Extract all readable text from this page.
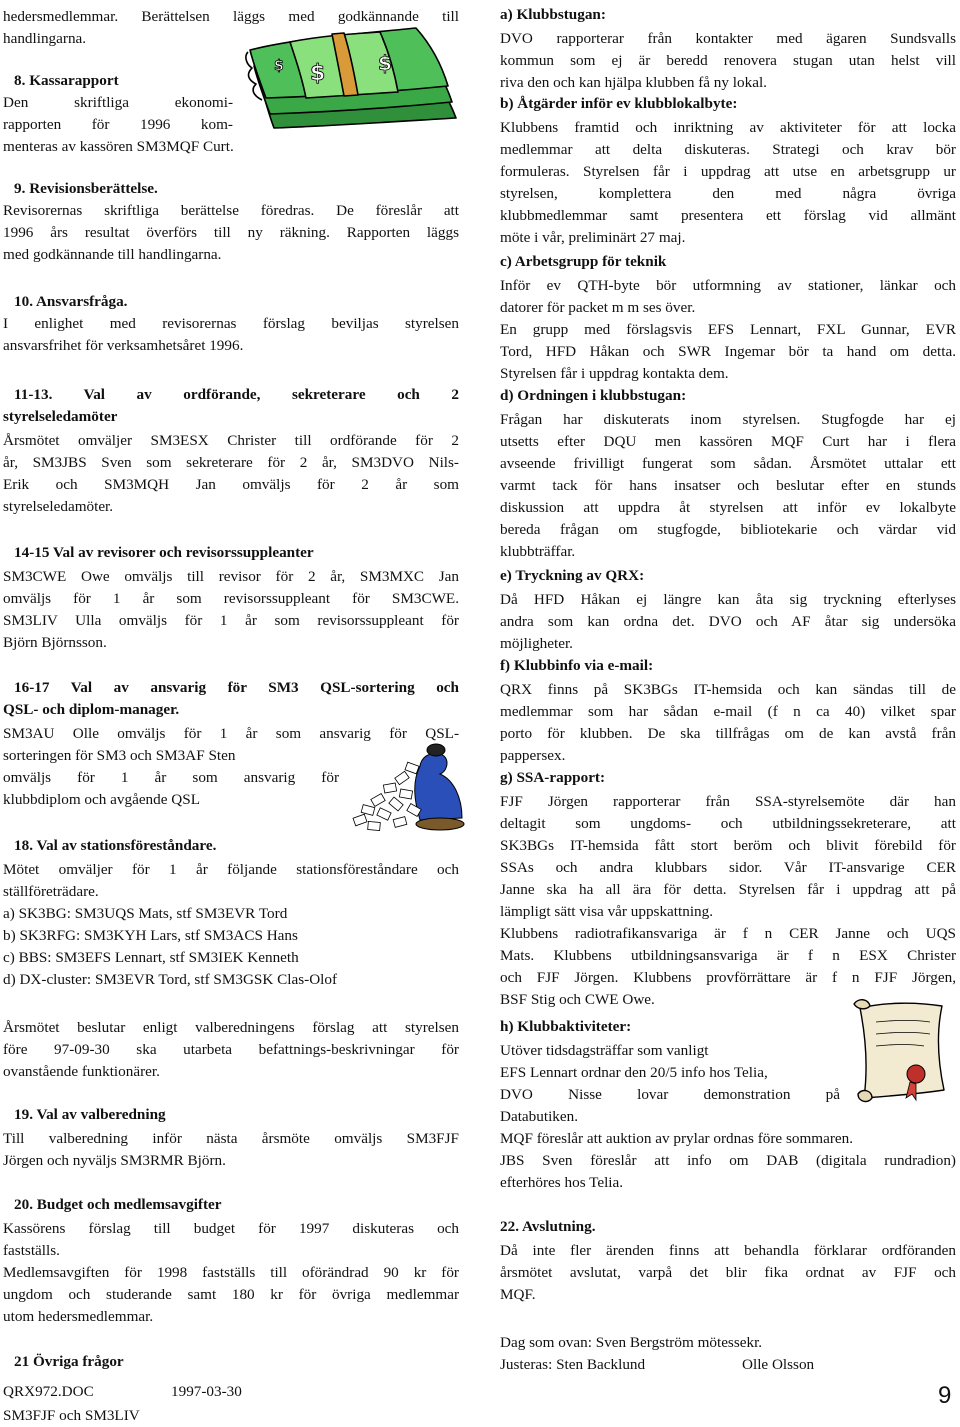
hedersmedlemmar. Berättelsen läggs med godkännande till
handlingarna.
8. Kassarapport
Den skriftliga ekonomi-
rapporten för 1996 kom-
menteras av kassören SM3MQF Curt.
9. Revisionsberättelse.
Revisorernas skriftliga berättelse föredras. De föreslår att
1996 års resultat överförs till ny räkning. Rapporten läggs
med godkännande till handlingarna.
10. Ansvarsfråga.
I enlighet med revisorernas förslag beviljas styrelsen
ansvarsfrihet för verksamhetsåret 1996.
11-13. Val av ordförande, sekreterare och 2
styrelseledamöter
Årsmötet omväljer SM3ESX Christer till ordförande för 2
år, SM3JBS Sven som sekreterare för 2 år, SM3DVO Nils-
Erik och SM3MQH Jan omväljs för 2 år som
styrelseledamöter.
14-15 Val av revisorer och revisorssuppleanter
SM3CWE Owe omväljs till revisor för 2 år, SM3MXC Jan
omväljs för 1 år som revisorssuppleant för SM3CWE.
SM3LIV Ulla omväljs för 1 år som revisorssuppleant för
Björn Björnsson.
16-17 Val av ansvarig för SM3 QSL-sortering och
QSL- och diplom-manager.
SM3AU Olle omväljs för 1 år som ansvarig för QSL-
sorteringen för SM3 och SM3AF Sten
omväljs för 1 år som ansvarig för
klubbdiplom och avgående QSL
18. Val av stationsföreståndare.
Mötet omväljer för 1 år följande stationsföreståndare och
ställföreträdare.
a) SK3BG: SM3UQS Mats, stf SM3EVR Tord
b) SK3RFG: SM3KYH Lars, stf SM3ACS Hans
c) BBS: SM3EFS Lennart, stf SM3IEK Kenneth
d) DX-cluster: SM3EVR Tord, stf SM3GSK Clas-Olof
Årsmötet beslutar enligt valberedningens förslag att styrelsen
före 97-09-30 ska utarbeta befattnings-beskrivningar för
ovanstående funktionärer.
19. Val av valberedning
Till valberedning inför nästa årsmöte omväljs SM3FJF
Jörgen och nyväljs SM3RMR Björn.
20. Budget och medlemsavgifter
Kassörens förslag till budget för 1997 diskuteras och
fastställs.
Medlemsavgiften för 1998 fastställs till oförändrad 90 kr för
ungdom och studerande samt 180 kr för övriga medlemmar
utom hedersmedlemmar.
21 Övriga frågor
QRX972.DOC	1997-03-30
SM3FJF och SM3LIV
$	$
$
a) Klubbstugan:
DVO rapporterar från kontakter med ägaren Sundsvalls
kommun som ej är beredd renovera stugan utan helst vill
riva den och kan hjälpa klubben få ny lokal.
b) Åtgärder inför ev klubblokalbyte:
Klubbens framtid och inriktning av aktiviteter för att locka
medlemmar att delta diskuteras. Strategi och krav bör
formuleras. Styrelsen får i uppdrag att utse en arbetsgrupp ur
styrelsen, komplettera den med några övriga
klubbmedlemmar samt presentera ett förslag vid allmänt
möte i vår, preliminärt 27 maj.
c) Arbetsgrupp för teknik
Inför ev QTH-byte bör utformning av stationer, länkar och
datorer för packet m m ses över.
En grupp med förslagsvis EFS Lennart, FXL Gunnar, EVR
Tord, HFD Håkan och SWR Ingemar bör ta hand om detta.
Styrelsen får i uppdrag kontakta dem.
d) Ordningen i klubbstugan:
Frågan har diskuterats inom styrelsen. Stugfogde har ej
utsetts efter DQU men kassören MQF Curt har i flera
avseende frivilligt fungerat som sådan. Årsmötet uttalar ett
varmt tack för hans insatser och beslutar efter en stunds
diskussion att uppdra åt styrelsen att inför ev lokalbyte
bereda frågan om stugfogde, bibliotekarie och värdar vid
klubbträffar.
e) Tryckning av QRX:
Då HFD Håkan ej längre kan åta sig tryckning efterlyses
andra som kan ordna det. DVO och AF åtar sig undersöka
möjligheter.
f) Klubbinfo via e-mail:
QRX finns på SK3BGs IT-hemsida och kan sändas till de
medlemmar som har sådan e-mail (f n ca 40) vilket spar
porto för klubben. De ska tillfrågas om de kan avstå från
pappersex.
g) SSA-rapport:
FJF Jörgen rapporterar från SSA-styrelsemöte där han
deltagit som ungdoms- och utbildningssekreterare, att
SK3BGs IT-hemsida fått stort beröm och blivit förebild för
SSAs och andra klubbars sidor. Vår IT-ansvarige CER
Janne ska ha all ära för detta. Styrelsen får i uppdrag att på
lämpligt sätt visa vår uppskattning.
Klubbens radiotrafikansvariga är f n CER Janne och UQS
Mats. Klubbens utbildningsansvariga är f n ESX Christer
och FJF Jörgen. Klubbens provförrättare är f n FJF Jörgen,
BSF Stig och CWE Owe.
h) Klubbaktiviteter:
Utöver tidsdagsträffar som vanligt
EFS Lennart ordnar den 20/5 info hos Telia,
DVO Nisse lovar demonstration på
Databutiken.
MQF föreslår att auktion av prylar ordnas före sommaren.
JBS Sven föreslår att info om DAB (digitala rundradion)
efterhöres hos Telia.
22. Avslutning.
Då inte fler ärenden finns att behandla förklarar ordföranden
årsmötet avslutat, varpå det blir fika ordnat av FJF och
MQF.
Dag som ovan: Sven Bergström mötessekr.
Justeras: Sten Backlund	Olle Olsson
9
